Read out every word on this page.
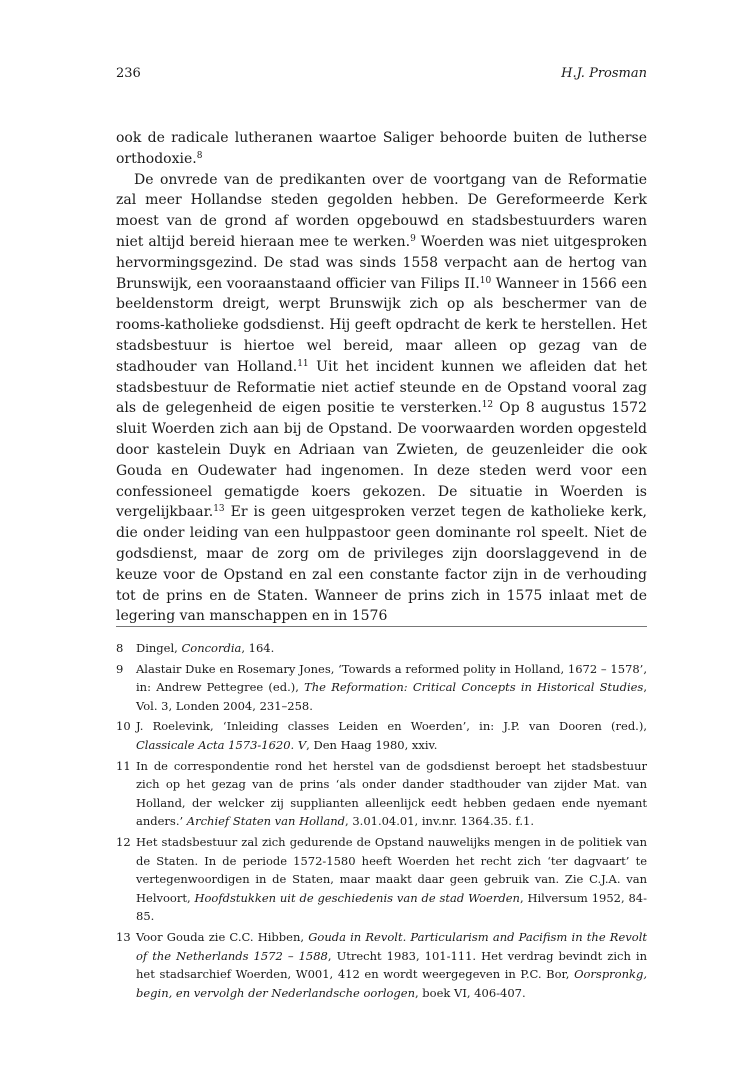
236	H.J. Prosman

ook de radicale lutheranen waartoe Saliger behoorde buiten de lutherse orthodoxie.$^8$

De onvrede van de predikanten over de voortgang van de Reformatie zal meer Hollandse steden gegolden hebben. De Gereformeerde Kerk moest van de grond af worden opgebouwd en stadsbestuurders waren niet altijd bereid hieraan mee te werken.$^9$ Woerden was niet uitgesproken hervormingsgezind. De stad was sinds 1558 verpacht aan de hertog van Brunswijk, een vooraanstaand officier van Filips II.$^{10}$ Wanneer in 1566 een beeldenstorm dreigt, werpt Brunswijk zich op als beschermer van de rooms-katholieke godsdienst. Hij geeft opdracht de kerk te herstellen. Het stadsbestuur is hiertoe wel bereid, maar alleen op gezag van de stadhouder van Holland.$^{11}$ Uit het incident kunnen we afleiden dat het stadsbestuur de Reformatie niet actief steunde en de Opstand vooral zag als de gelegenheid de eigen positie te versterken.$^{12}$ Op 8 augustus 1572 sluit Woerden zich aan bij de Opstand. De voorwaarden worden opgesteld door kastelein Duyk en Adriaan van Zwieten, de geuzenleider die ook Gouda en Oudewater had ingenomen. In deze steden werd voor een confessioneel gematigde koers gekozen. De situatie in Woerden is vergelijkbaar.$^{13}$ Er is geen uitgesproken verzet tegen de katholieke kerk, die onder leiding van een hulppastoor geen dominante rol speelt. Niet de godsdienst, maar de zorg om de privileges zijn doorslaggevend in de keuze voor de Opstand en zal een constante factor zijn in de verhouding tot de prins en de Staten. Wanneer de prins zich in 1575 inlaat met de legering van manschappen en in 1576

8	Dingel, Concordia, 164.
9	Alastair Duke en Rosemary Jones, ‘Towards a reformed polity in Holland, 1672 – 1578’, in: Andrew Pettegree (ed.), The Reformation: Critical Concepts in Historical Studies, Vol. 3, Londen 2004, 231–258.
10 J. Roelevink, ‘Inleiding classes Leiden en Woerden’, in: J.P. van Dooren (red.), Classicale Acta 1573-1620. V, Den Haag 1980, xxiv.
11 In de correspondentie rond het herstel van de godsdienst beroept het stadsbestuur zich op het gezag van de prins ‘als onder dander stadthouder van zijder Mat. van Holland, der welcker zij supplianten alleenlijck eedt hebben gedaen ende nyemant anders.’ Archief Staten van Holland, 3.01.04.01, inv.nr. 1364.35. f.1.
12 Het stadsbestuur zal zich gedurende de Opstand nauwelijks mengen in de politiek van de Staten. In de periode 1572-1580 heeft Woerden het recht zich ‘ter dagvaart’ te vertegenwoordigen in de Staten, maar maakt daar geen gebruik van. Zie C.J.A. van Helvoort, Hoofdstukken uit de geschiedenis van de stad Woerden, Hilversum 1952, 84-85.
13 Voor Gouda zie C.C. Hibben, Gouda in Revolt. Particularism and Pacifism in the Revolt of the Netherlands 1572 – 1588, Utrecht 1983, 101-111. Het verdrag bevindt zich in het stadsarchief Woerden, W001, 412 en wordt weergegeven in P.C. Bor, Oorspronkg, begin, en vervolgh der Nederlandsche oorlogen, boek VI, 406-407.
